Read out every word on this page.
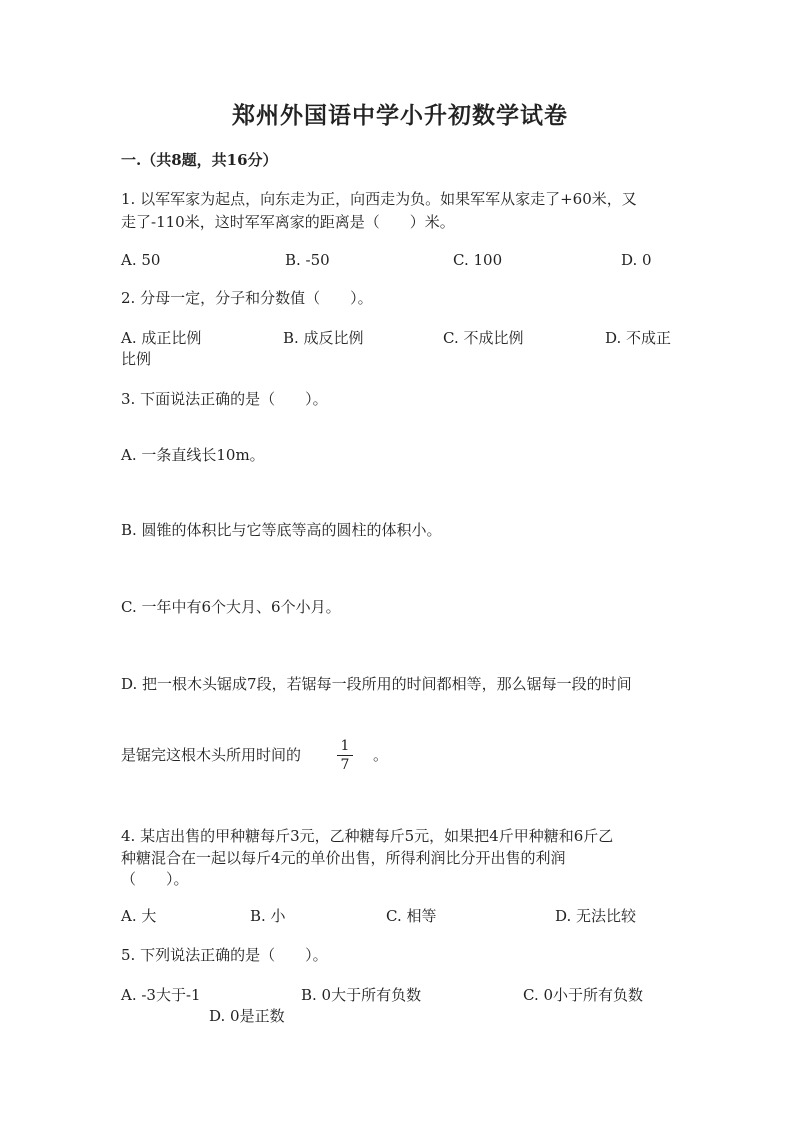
郑州外国语中学小升初数学试卷
一.（共8题，共16分）
1. 以军军家为起点，向东走为正，向西走为负。如果军军从家走了+60米，又
走了-110米，这时军军离家的距离是（　　）米。
A. 50	B. -50	C. 100	D. 0
2. 分母一定，分子和分数值（　　）。
A. 成正比例	B. 成反比例	C. 不成比例	D. 不成正
比例
3. 下面说法正确的是（　　）。
A. 一条直线长10m。
B. 圆锥的体积比与它等底等高的圆柱的体积小。
C. 一年中有6个大月、6个小月。
D. 把一根木头锯成7段，若锯每一段所用的时间都相等，那么锯每一段的时间
是锯完这根木头所用时间的	1
7
。
4. 某店出售的甲种糖每斤3元，乙种糖每斤5元，如果把4斤甲种糖和6斤乙
种糖混合在一起以每斤4元的单价出售，所得利润比分开出售的利润
（　　）。
A. 大	B. 小	C. 相等	D. 无法比较
5. 下列说法正确的是（　　）。
A. -3大于-1	B. 0大于所有负数	C. 0小于所有负数
D. 0是正数
